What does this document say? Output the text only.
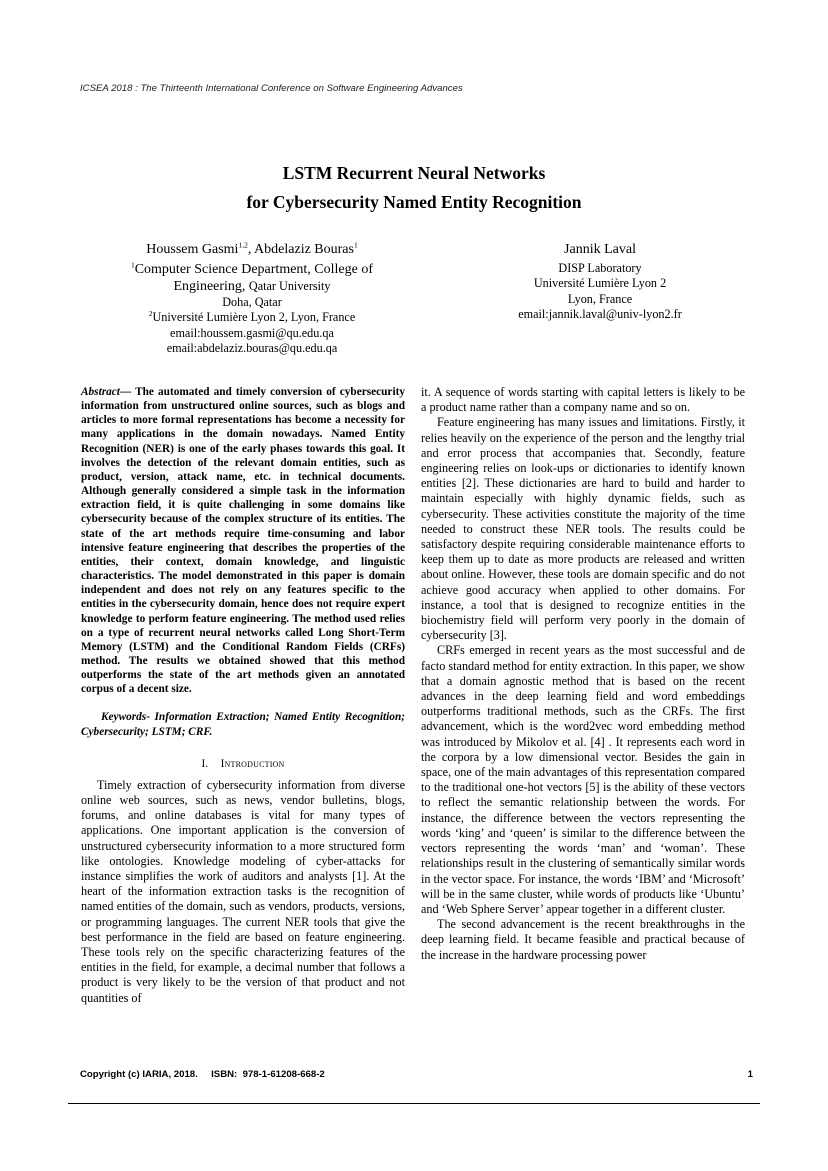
ICSEA 2018 : The Thirteenth International Conference on Software Engineering Advances
LSTM Recurrent Neural Networks
for Cybersecurity Named Entity Recognition
Houssem Gasmi$^{1,2}$, Abdelaziz Bouras$^1$
$^1$Computer Science Department, College of
Engineering, Qatar University
Doha, Qatar
$^2$Université Lumière Lyon 2, Lyon, France
email:houssem.gasmi@qu.edu.qa
email:abdelaziz.bouras@qu.edu.qa
Jannik Laval
DISP Laboratory
Université Lumière Lyon 2
Lyon, France
email:jannik.laval@univ-lyon2.fr

Abstract— The automated and timely conversion of cybersecurity information from unstructured online sources, such as blogs and articles to more formal representations has become a necessity for many applications in the domain nowadays. Named Entity Recognition (NER) is one of the early phases towards this goal. It involves the detection of the relevant domain entities, such as product, version, attack name, etc. in technical documents. Although generally considered a simple task in the information extraction field, it is quite challenging in some domains like cybersecurity because of the complex structure of its entities. The state of the art methods require time-consuming and labor intensive feature engineering that describes the properties of the entities, their context, domain knowledge, and linguistic characteristics. The model demonstrated in this paper is domain independent and does not rely on any features specific to the entities in the cybersecurity domain, hence does not require expert knowledge to perform feature engineering. The method used relies on a type of recurrent neural networks called Long Short-Term Memory (LSTM) and the Conditional Random Fields (CRFs) method. The results we obtained showed that this method outperforms the state of the art methods given an annotated corpus of a decent size.

Keywords- Information Extraction; Named Entity Recognition; Cybersecurity; LSTM; CRF.

I. Introduction

Timely extraction of cybersecurity information from diverse online web sources, such as news, vendor bulletins, blogs, forums, and online databases is vital for many types of applications. One important application is the conversion of unstructured cybersecurity information to a more structured form like ontologies. Knowledge modeling of cyber-attacks for instance simplifies the work of auditors and analysts [1]. At the heart of the information extraction tasks is the recognition of named entities of the domain, such as vendors, products, versions, or programming languages. The current NER tools that give the best performance in the field are based on feature engineering. These tools rely on the specific characterizing features of the entities in the field, for example, a decimal number that follows a product is very likely to be the version of that product and not quantities of

it. A sequence of words starting with capital letters is likely to be a product name rather than a company name and so on.

Feature engineering has many issues and limitations. Firstly, it relies heavily on the experience of the person and the lengthy trial and error process that accompanies that. Secondly, feature engineering relies on look-ups or dictionaries to identify known entities [2]. These dictionaries are hard to build and harder to maintain especially with highly dynamic fields, such as cybersecurity. These activities constitute the majority of the time needed to construct these NER tools. The results could be satisfactory despite requiring considerable maintenance efforts to keep them up to date as more products are released and written about online. However, these tools are domain specific and do not achieve good accuracy when applied to other domains. For instance, a tool that is designed to recognize entities in the biochemistry field will perform very poorly in the domain of cybersecurity [3].

CRFs emerged in recent years as the most successful and de facto standard method for entity extraction. In this paper, we show that a domain agnostic method that is based on the recent advances in the deep learning field and word embeddings outperforms traditional methods, such as the CRFs. The first advancement, which is the word2vec word embedding method was introduced by Mikolov et al. [4] . It represents each word in the corpora by a low dimensional vector. Besides the gain in space, one of the main advantages of this representation compared to the traditional one-hot vectors [5] is the ability of these vectors to reflect the semantic relationship between the words. For instance, the difference between the vectors representing the words ‘king’ and ‘queen’ is similar to the difference between the vectors representing the words ‘man’ and ‘woman’. These relationships result in the clustering of semantically similar words in the vector space. For instance, the words ‘IBM’ and ‘Microsoft’ will be in the same cluster, while words of products like ‘Ubuntu’ and ‘Web Sphere Server’ appear together in a different cluster.

The second advancement is the recent breakthroughs in the deep learning field. It became feasible and practical because of the increase in the hardware processing power

Copyright (c) IARIA, 2018.     ISBN:  978-1-61208-668-2	1
